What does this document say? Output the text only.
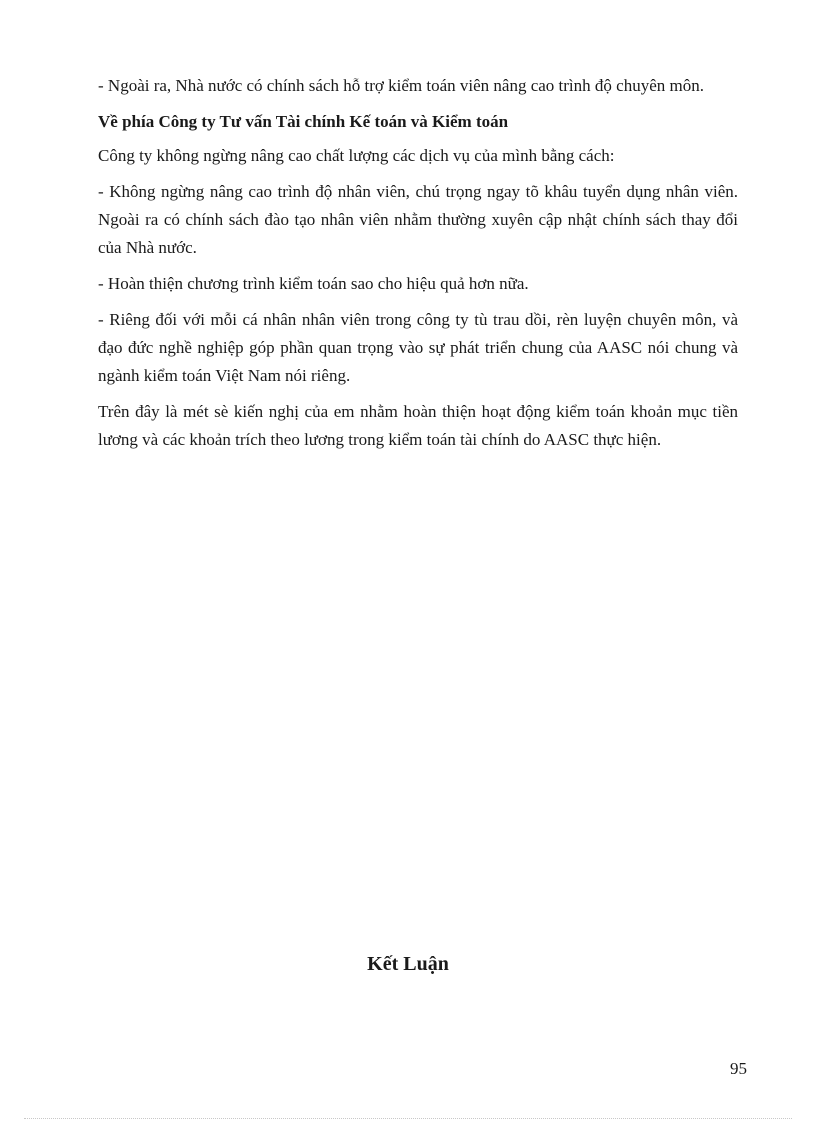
- Ngoài ra, Nhà nước có chính sách hỗ trợ kiểm toán viên nâng cao trình độ chuyên môn.

Về phía Công ty Tư vấn Tài chính Kế toán và Kiểm toán

Công ty không ngừng nâng cao chất lượng các dịch vụ của mình bằng cách:

- Không ngừng nâng cao trình độ nhân viên, chú trọng ngay tõ khâu tuyển dụng nhân viên. Ngoài ra có chính sách đào tạo nhân viên nhằm thường xuyên cập nhật chính sách thay đổi của Nhà nước.

- Hoàn thiện chương trình kiểm toán sao cho hiệu quả hơn nữa.

- Riêng đối với mỗi cá nhân nhân viên trong công ty tù trau dồi, rèn luyện chuyên môn, và đạo đức nghề nghiệp góp phần quan trọng vào sự phát triển chung của AASC nói chung và ngành kiểm toán Việt Nam nói riêng.

Trên đây là mét sè kiến nghị của em nhằm hoàn thiện hoạt động kiểm toán khoản mục tiền lương và các khoản trích theo lương trong kiểm toán tài chính do AASC thực hiện.

Kết Luận
95
